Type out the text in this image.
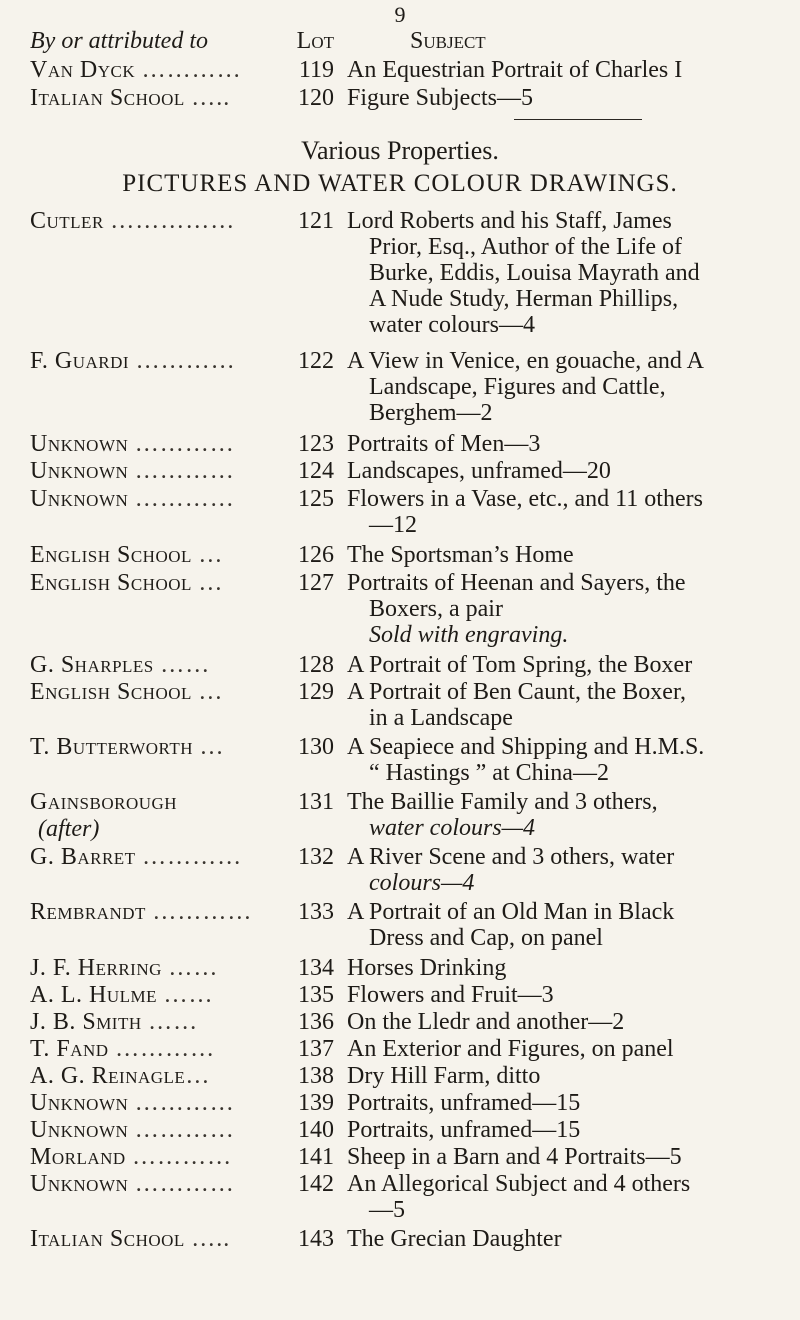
9
By or attributed to	Lot	Subject
Van Dyck …………	119 An Equestrian Portrait of Charles I
Italian School …..	120 Figure Subjects—5
Various Properties.
PICTURES AND WATER COLOUR DRAWINGS.
Cutler ……………	121 Lord Roberts and his Staff, James
Prior, Esq., Author of the Life of
Burke, Eddis, Louisa Mayrath and
A Nude Study, Herman Phillips,
water colours—4
F. Guardi …………	122 A View in Venice, en gouache, and A
Landscape, Figures and Cattle,
Berghem—2
Unknown …………	123 Portraits of Men—3
Unknown …………	124 Landscapes, unframed—20
Unknown …………	125 Flowers in a Vase, etc., and 11 others
—12
English School …	126 The Sportsman’s Home
English School …	127 Portraits of Heenan and Sayers, the
Boxers, a pair
Sold with engraving.
G. Sharples ……	128 A Portrait of Tom Spring, the Boxer
English School …	129 A Portrait of Ben Caunt, the Boxer,
in a Landscape
T. Butterworth …	130 A Seapiece and Shipping and H.M.S.
“ Hastings ” at China—2
Gainsborough
(after)
131 The Baillie Family and 3 others,
water colours—4
G. Barret …………	132 A River Scene and 3 others, water
colours—4
Rembrandt …………	133 A Portrait of an Old Man in Black
Dress and Cap, on panel
J. F. Herring ……	134 Horses Drinking
A. L. Hulme ……	135 Flowers and Fruit—3
J. B. Smith ……	136 On the Lledr and another—2
T. Fand …………	137 An Exterior and Figures, on panel
A. G. Reinagle…	138 Dry Hill Farm, ditto
Unknown …………	139 Portraits, unframed—15
Unknown …………	140 Portraits, unframed—15
Morland …………	141 Sheep in a Barn and 4 Portraits—5
Unknown …………	142 An Allegorical Subject and 4 others
—5
Italian School …..	143 The Grecian Daughter
